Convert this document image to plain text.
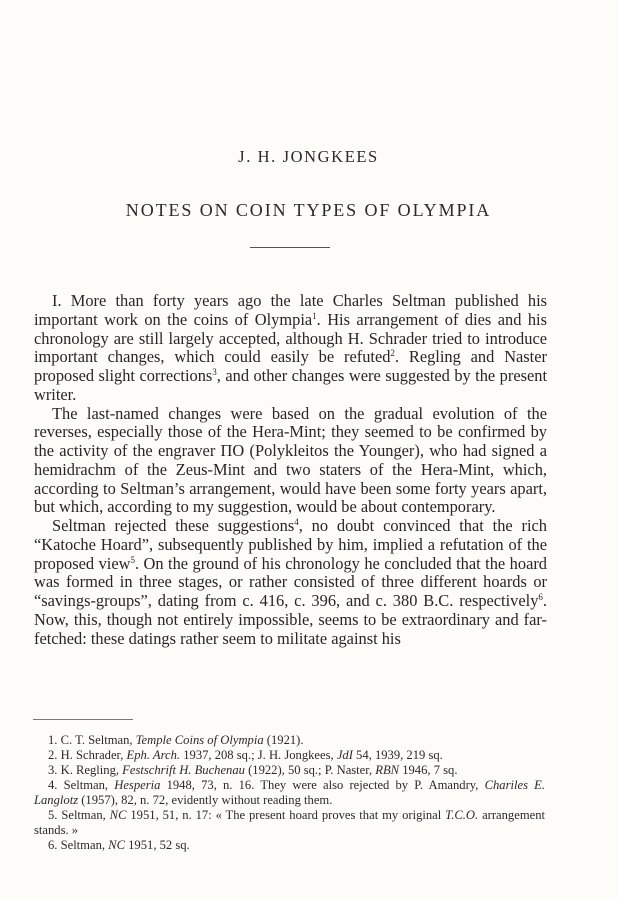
J. H. JONGKEES
NOTES ON COIN TYPES OF OLYMPIA

I. More than forty years ago the late Charles Seltman published his important work on the coins of Olympia$^1$. His arrangement of dies and his chronology are still largely accepted, although H. Schrader tried to introduce important changes, which could easily be refuted$^2$. Regling and Naster proposed slight corrections$^3$, and other changes were suggested by the present writer.

The last-named changes were based on the gradual evolution of the reverses, especially those of the Hera-Mint; they seemed to be confirmed by the activity of the engraver ΠΟ (Polykleitos the Younger), who had signed a hemidrachm of the Zeus-Mint and two staters of the Hera-Mint, which, according to Seltman’s arrangement, would have been some forty years apart, but which, according to my suggestion, would be about contemporary.

Seltman rejected these suggestions$^4$, no doubt convinced that the rich “Katoche Hoard”, subsequently published by him, implied a refutation of the proposed view$^5$. On the ground of his chronology he concluded that the hoard was formed in three stages, or rather consisted of three different hoards or “savings-groups”, dating from c. 416, c. 396, and c. 380 B.C. respectively$^6$. Now, this, though not entirely impossible, seems to be extraordinary and far-fetched: these datings rather seem to militate against his

1. C. T. Seltman, Temple Coins of Olympia (1921).

2. H. Schrader, Eph. Arch. 1937, 208 sq.; J. H. Jongkees, JdI 54, 1939, 219 sq.

3. K. Regling, Festschrift H. Buchenau (1922), 50 sq.; P. Naster, RBN 1946, 7 sq.

4. Seltman, Hesperia 1948, 73, n. 16. They were also rejected by P. Amandry, Chariles E. Langlotz (1957), 82, n. 72, evidently without reading them.

5. Seltman, NC 1951, 51, n. 17: « The present hoard proves that my original T.C.O. arrangement stands. »

6. Seltman, NC 1951, 52 sq.
